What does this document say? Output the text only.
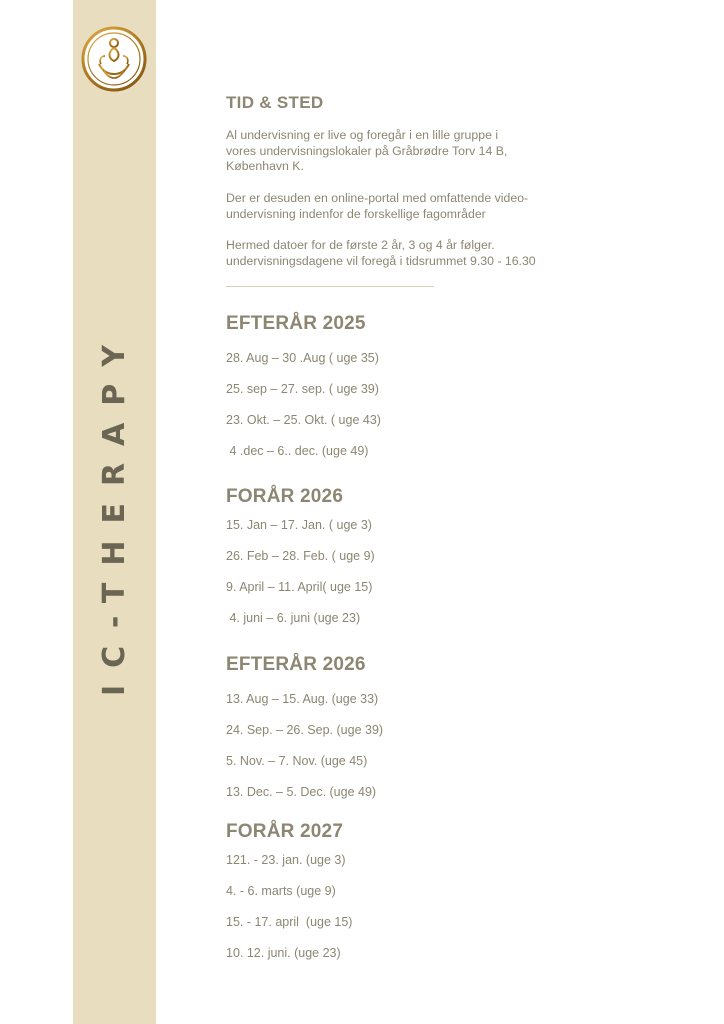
IC-THERAPY
TID & STED
Al undervisning er live og foregår i en lille gruppe i
vores undervisningslokaler på Gråbrødre Torv 14 B,
København K.
Der er desuden en online-portal med omfattende video-
undervisning indenfor de forskellige fagområder
Hermed datoer for de første 2 år, 3 og 4 år følger.
undervisningsdagene vil foregå i tidsrummet 9.30 - 16.30
EFTERÅR 2025

28. Aug – 30 .Aug ( uge 35)

25. sep – 27. sep. ( uge 39)

23. Okt. – 25. Okt. ( uge 43)

4 .dec – 6.. dec. (uge 49)

FORÅR 2026

15. Jan – 17. Jan. ( uge 3)

26. Feb – 28. Feb. ( uge 9)

9. April – 11. April( uge 15)

4. juni – 6. juni (uge 23)

EFTERÅR 2026

13. Aug – 15. Aug. (uge 33)

24. Sep. – 26. Sep. (uge 39)

5. Nov. – 7. Nov. (uge 45)

13. Dec. – 5. Dec. (uge 49)

FORÅR 2027

121. - 23. jan. (uge 3)

4. - 6. marts (uge 9)

15. - 17. april  (uge 15)

10. 12. juni. (uge 23)
